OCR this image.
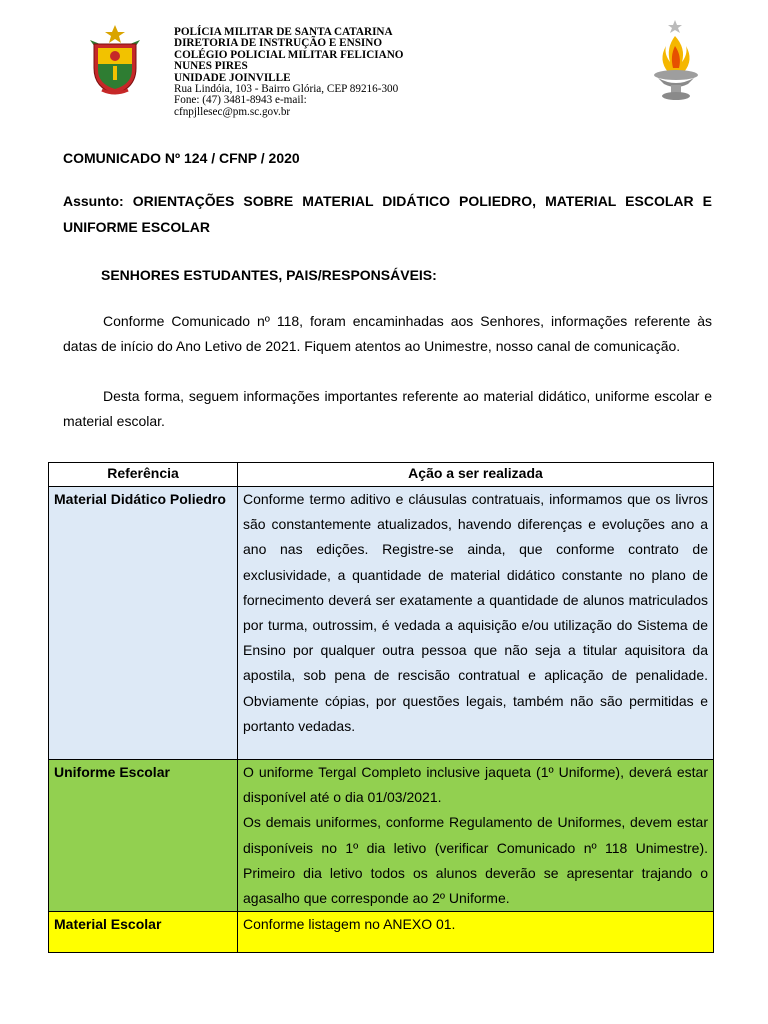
POLÍCIA MILITAR DE SANTA CATARINA
DIRETORIA DE INSTRUÇÃO E ENSINO
COLÉGIO POLICIAL MILITAR FELICIANO
NUNES PIRES
UNIDADE JOINVILLE
Rua Lindóia, 103 - Bairro Glória, CEP 89216-300
Fone: (47) 3481-8943 e-mail:
cfnpjllesec@pm.sc.gov.br
COMUNICADO Nº 124 / CFNP / 2020
Assunto: ORIENTAÇÕES SOBRE MATERIAL DIDÁTICO POLIEDRO, MATERIAL ESCOLAR E UNIFORME ESCOLAR
SENHORES ESTUDANTES, PAIS/RESPONSÁVEIS:
Conforme Comunicado nº 118, foram encaminhadas aos Senhores, informações referente às datas de início do Ano Letivo de 2021. Fiquem atentos ao Unimestre, nosso canal de comunicação.
Desta forma, seguem informações importantes referente ao material didático, uniforme escolar e material escolar.
Referência	Ação a ser realizada
Material Didático Poliedro	Conforme termo aditivo e cláusulas contratuais, informamos que os livros são constantemente atualizados, havendo diferenças e evoluções ano a ano nas edições. Registre-se ainda, que conforme contrato de exclusividade, a quantidade de material didático constante no plano de fornecimento deverá ser exatamente a quantidade de alunos matriculados por turma, outrossim, é vedada a aquisição e/ou utilização do Sistema de Ensino por qualquer outra pessoa que não seja a titular aquisitora da apostila, sob pena de rescisão contratual e aplicação de penalidade. Obviamente cópias, por questões legais, também não são permitidas e portanto vedadas.

Uniforme Escolar	O uniforme Tergal Completo inclusive jaqueta (1º Uniforme), deverá estar disponível até o dia 01/03/2021.
Os demais uniformes, conforme Regulamento de Uniformes, devem estar disponíveis no 1º dia letivo (verificar Comunicado nº 118 Unimestre). Primeiro dia letivo todos os alunos deverão se apresentar trajando o agasalho que corresponde ao 2º Uniforme.

Material Escolar	Conforme listagem no ANEXO 01.
